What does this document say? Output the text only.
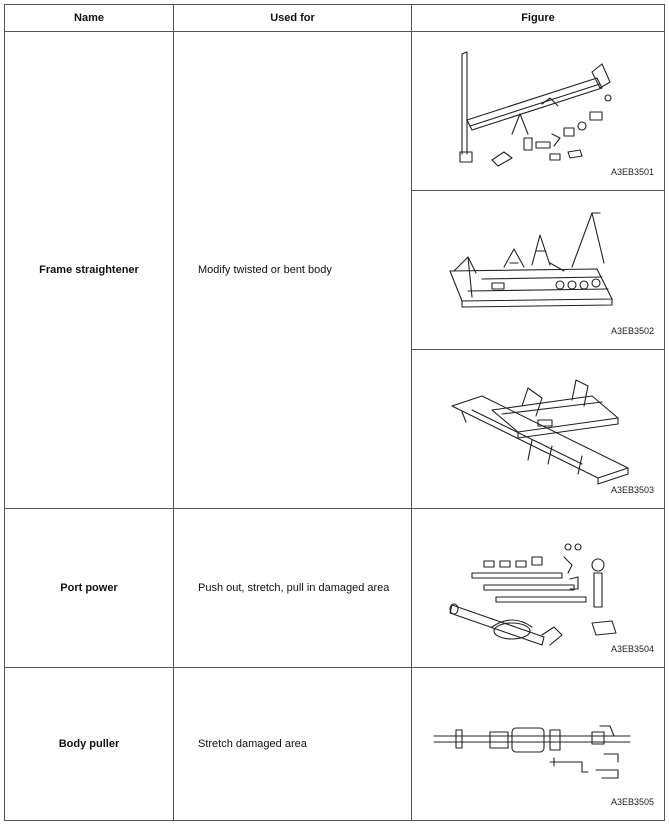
Name	Used for	Figure
Frame straightener	Modify twisted or bent body	A3EB3501

		A3EB3502

		A3EB3503

Port power	Push out, stretch, pull in damaged area	A3EB3504

Body puller	Stretch damaged area	A3EB3505
